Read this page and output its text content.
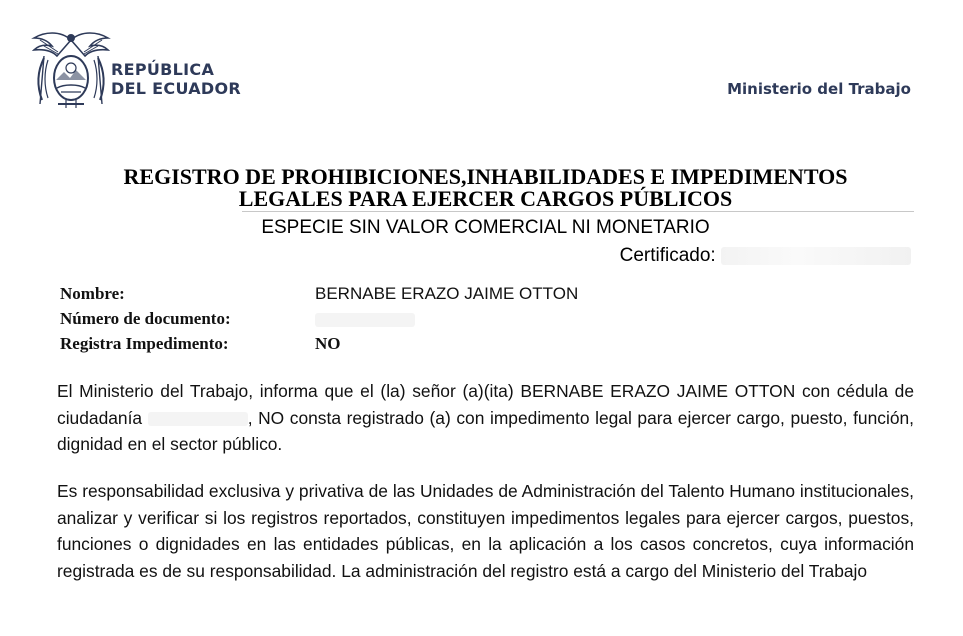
REPÚBLICA
DEL ECUADOR	Ministerio del Trabajo
REGISTRO DE PROHIBICIONES,INHABILIDADES E IMPEDIMENTOS
LEGALES PARA EJERCER CARGOS PÚBLICOS
ESPECIE SIN VALOR COMERCIAL NI MONETARIO
Certificado:
Nombre:	BERNABE ERAZO JAIME OTTON
Número de documento:
Registra Impedimento:	NO
El Ministerio del Trabajo, informa que el (la) señor (a)(ita) BERNABE ERAZO JAIME OTTON con cédula de ciudadanía	, NO consta registrado (a) con impedimento legal para ejercer cargo, puesto, función, dignidad en el sector público.
Es responsabilidad exclusiva y privativa de las Unidades de Administración del Talento Humano institucionales, analizar y verificar si los registros reportados, constituyen impedimentos legales para ejercer cargos, puestos, funciones o dignidades en las entidades públicas, en la aplicación a los casos concretos, cuya información registrada es de su responsabilidad. La administración del registro está a cargo del Ministerio del Trabajo
